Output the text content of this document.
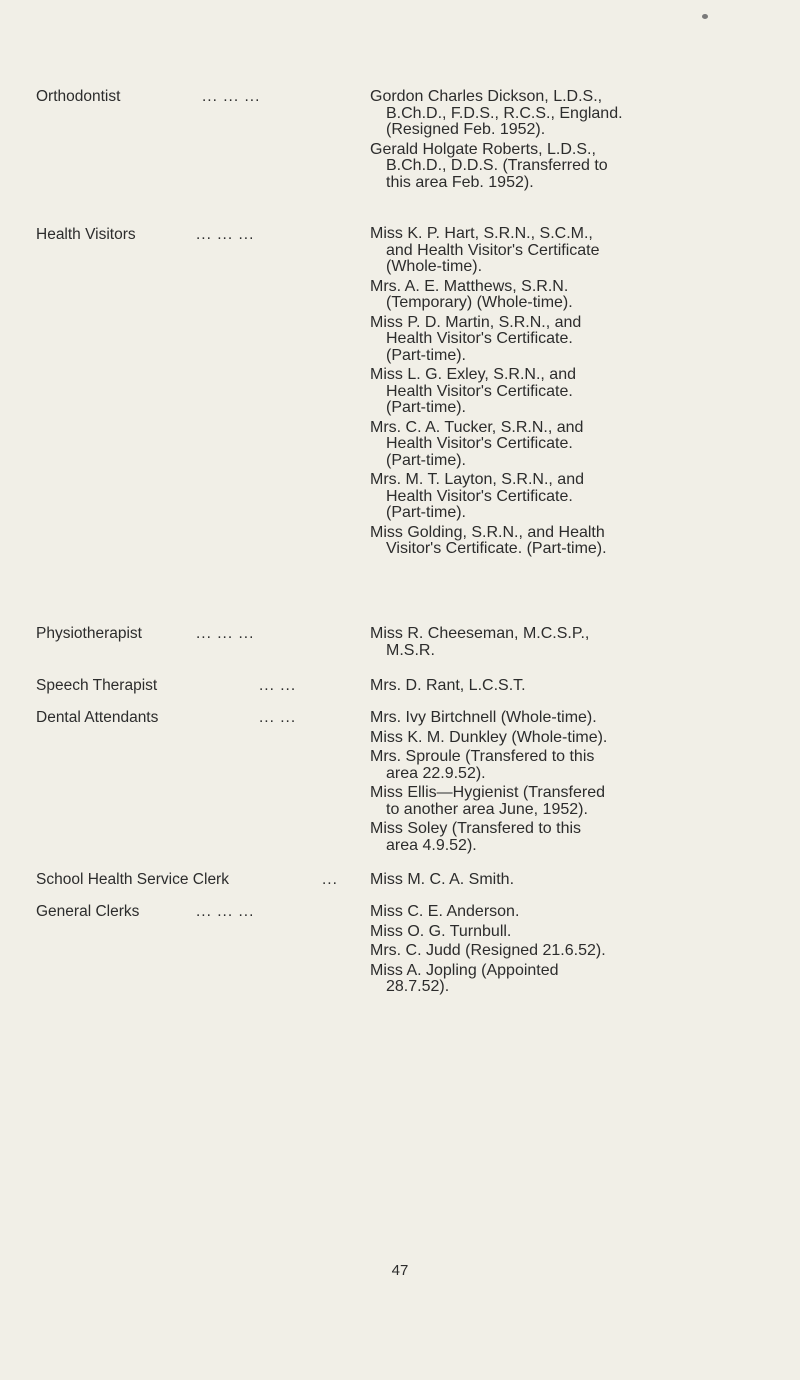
Orthodontist	... ... ...	Gordon Charles Dickson, L.D.S.,
B.Ch.D., F.D.S., R.C.S., England.
(Resigned Feb. 1952).
Gerald Holgate Roberts, L.D.S.,
B.Ch.D., D.D.S. (Transferred to
this area Feb. 1952).
Health Visitors	... ... ...	Miss K. P. Hart, S.R.N., S.C.M.,
and Health Visitor's Certificate
(Whole-time).
Mrs. A. E. Matthews, S.R.N.
(Temporary) (Whole-time).
Miss P. D. Martin, S.R.N., and
Health Visitor's Certificate.
(Part-time).
Miss L. G. Exley, S.R.N., and
Health Visitor's Certificate.
(Part-time).
Mrs. C. A. Tucker, S.R.N., and
Health Visitor's Certificate.
(Part-time).
Mrs. M. T. Layton, S.R.N., and
Health Visitor's Certificate.
(Part-time).
Miss Golding, S.R.N., and Health
Visitor's Certificate. (Part-time).
Physiotherapist	... ... ...	Miss R. Cheeseman, M.C.S.P.,
M.S.R.
Speech Therapist	... ...	Mrs. D. Rant, L.C.S.T.
Dental Attendants	... ...	Mrs. Ivy Birtchnell (Whole-time).
Miss K. M. Dunkley (Whole-time).
Mrs. Sproule (Transfered to this
area 22.9.52).
Miss Ellis—Hygienist (Transfered
to another area June, 1952).
Miss Soley (Transfered to this
area 4.9.52).
School Health Service Clerk	... Miss M. C. A. Smith.
General Clerks	... ... ...	Miss C. E. Anderson.
Miss O. G. Turnbull.
Mrs. C. Judd (Resigned 21.6.52).
Miss A. Jopling (Appointed
28.7.52).
47
